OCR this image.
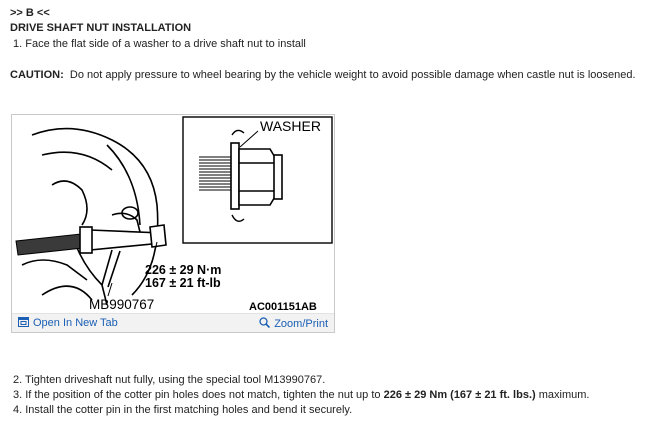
>> B <<
DRIVE SHAFT NUT INSTALLATION
1. Face the flat side of a washer to a drive shaft nut to install
CAUTION: Do not apply pressure to wheel bearing by the vehicle weight to avoid possible damage when castle nut is loosened.
WASHER
226 ± 29 N·m
167 ± 21 ft-lb
MB990767	AC001151AB
Open In New Tab	Zoom/Print
2. Tighten driveshaft nut fully, using the special tool M13990767.
3. If the position of the cotter pin holes does not match, tighten the nut up to 226 ± 29 Nm (167 ± 21 ft. lbs.) maximum.
4. Install the cotter pin in the first matching holes and bend it securely.
